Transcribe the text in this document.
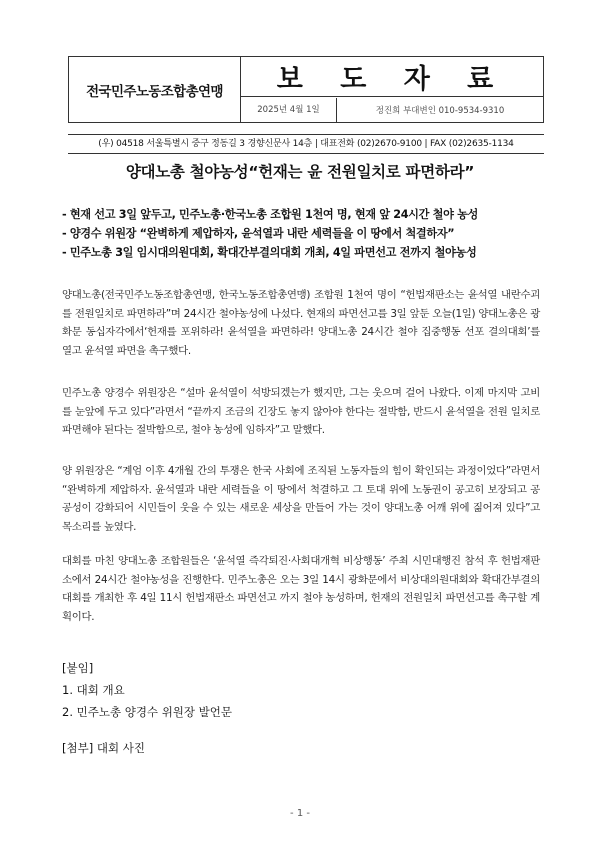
전국민주노동조합총연맹	보 도 자 료

2025년 4월 1일	정진희 부대변인 010-9534-9310
(우) 04518 서울특별시 중구 정동길 3 경향신문사 14층 | 대표전화 (02)2670-9100 | FAX (02)2635-1134
양대노총 철야농성“헌재는 윤 전원일치로 파면하라”
- 현재 선고 3일 앞두고, 민주노총·한국노총 조합원 1천여 명, 현재 앞 24시간 철야 농성
- 양경수 위원장 “완벽하게 제압하자, 윤석열과 내란 세력들을 이 땅에서 척결하자”
- 민주노총 3일 임시대의원대회, 확대간부결의대회 개최, 4일 파면선고 전까지 철야농성

양대노총(전국민주노동조합총연맹, 한국노동조합총연맹) 조합원 1천여 명이 “헌법재판소는 윤석열 내란수괴를 전원일치로 파면하라”며 24시간 철야농성에 나섰다. 현재의 파면선고를 3일 앞둔 오늘(1일) 양대노총은 광화문 동십자각에서‘헌재를 포위하라! 윤석열을 파면하라! 양대노총 24시간 철야 집중행동 선포 결의대회’를 열고 윤석열 파면을 촉구했다.

민주노총 양경수 위원장은 “설마 윤석열이 석방되겠는가 했지만, 그는 웃으며 걸어 나왔다. 이제 마지막 고비를 눈앞에 두고 있다”라면서 “끝까지 조금의 긴장도 놓지 않아야 한다는 절박함, 반드시 윤석열을 전원 일치로 파면해야 된다는 절박함으로, 철야 농성에 임하자”고 말했다.

양 위원장은 “계엄 이후 4개월 간의 투쟁은 한국 사회에 조직된 노동자들의 힘이 확인되는 과정이었다”라면서 “완벽하게 제압하자. 윤석열과 내란 세력들을 이 땅에서 척결하고 그 토대 위에 노동권이 공고히 보장되고 공공성이 강화되어 시민들이 웃을 수 있는 새로운 세상을 만들어 가는 것이 양대노총 어깨 위에 짊어져 있다”고 목소리를 높였다.

대회를 마친 양대노총 조합원들은 ‘윤석열 즉각퇴진·사회대개혁 비상행동’ 주최 시민대행진 참석 후 헌법재판소에서 24시간 철야농성을 진행한다. 민주노총은 오는 3일 14시 광화문에서 비상대의원대회와 확대간부결의대회를 개최한 후 4일 11시 헌법재판소 파면선고 까지 철야 농성하며, 헌재의 전원일치 파면선고를 촉구할 계획이다.

[붙임]
1. 대회 개요
2. 민주노총 양경수 위원장 발언문
[첨부] 대회 사진
- 1 -
